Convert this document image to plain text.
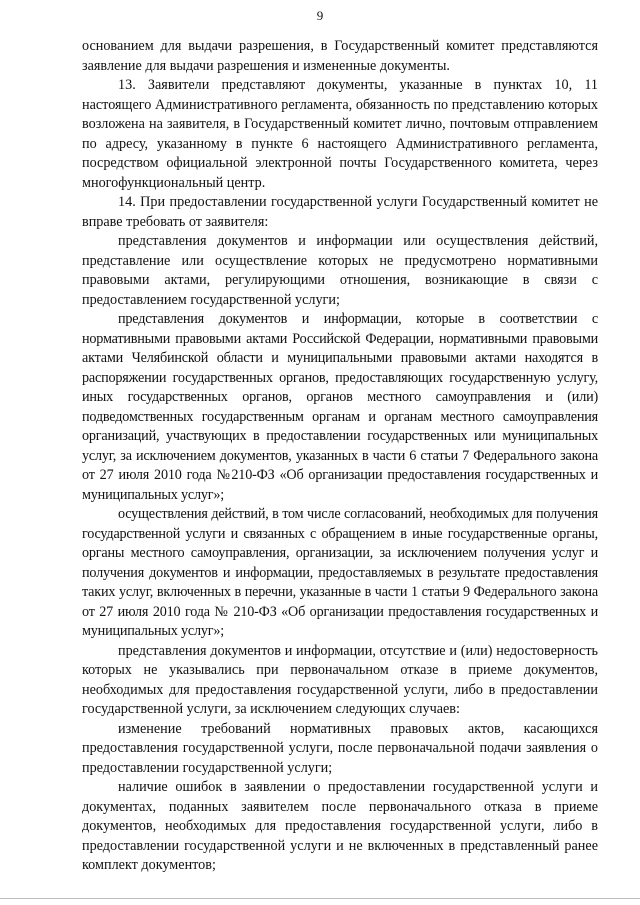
9

основанием для выдачи разрешения, в Государственный комитет представляются заявление для выдачи разрешения и измененные документы.

13. Заявители представляют документы, указанные в пунктах 10, 11 настоящего Административного регламента, обязанность по представлению которых возложена на заявителя, в Государственный комитет лично, почтовым отправлением по адресу, указанному в пункте 6 настоящего Административного регламента, посредством официальной электронной почты Государственного комитета, через многофункциональный центр.

14. При предоставлении государственной услуги Государственный комитет не вправе требовать от заявителя:

представления документов и информации или осуществления действий, представление или осуществление которых не предусмотрено нормативными правовыми актами, регулирующими отношения, возникающие в связи с предоставлением государственной услуги;

представления документов и информации, которые в соответствии с нормативными правовыми актами Российской Федерации, нормативными правовыми актами Челябинской области и муниципальными правовыми актами находятся в распоряжении государственных органов, предоставляющих государственную услугу, иных государственных органов, органов местного самоуправления и (или) подведомственных государственным органам и органам местного самоуправления организаций, участвующих в предоставлении государственных или муниципальных услуг, за исключением документов, указанных в части 6 статьи 7 Федерального закона от 27 июля 2010 года №210-ФЗ «Об организации предоставления государственных и муниципальных услуг»;

осуществления действий, в том числе согласований, необходимых для получения государственной услуги и связанных с обращением в иные государственные органы, органы местного самоуправления, организации, за исключением получения услуг и получения документов и информации, предоставляемых в результате предоставления таких услуг, включенных в перечни, указанные в части 1 статьи 9 Федерального закона от 27 июля 2010 года № 210-ФЗ «Об организации предоставления государственных и муниципальных услуг»;

представления документов и информации, отсутствие и (или) недостоверность которых не указывались при первоначальном отказе в приеме документов, необходимых для предоставления государственной услуги, либо в предоставлении государственной услуги, за исключением следующих случаев:

изменение требований нормативных правовых актов, касающихся предоставления государственной услуги, после первоначальной подачи заявления о предоставлении государственной услуги;

наличие ошибок в заявлении о предоставлении государственной услуги и документах, поданных заявителем после первоначального отказа в приеме документов, необходимых для предоставления государственной услуги, либо в предоставлении государственной услуги и не включенных в представленный ранее комплект документов;
